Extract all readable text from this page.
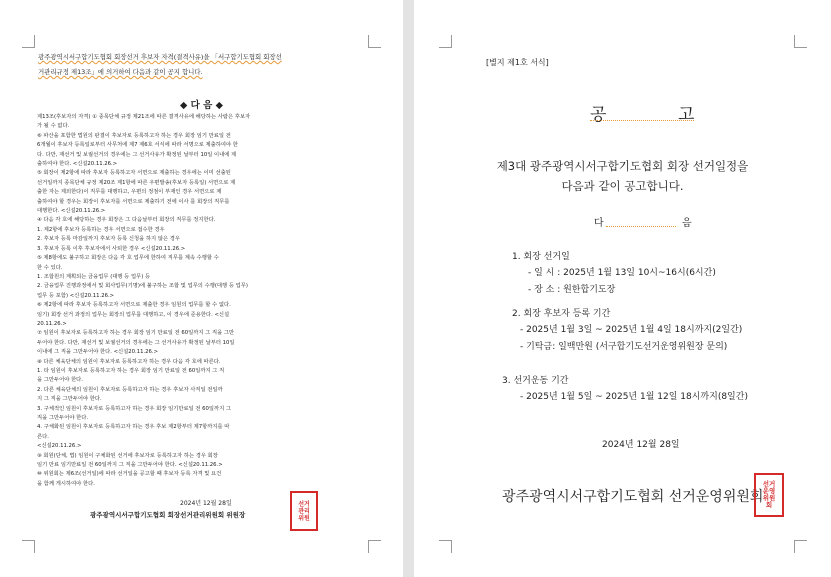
광주광역시서구합기도협회 회장선거 후보자 자격(결격사유)을 「서구합기도협회 회장선
거관리규정 제13조」에 의거하여 다음과 같이 공지 합니다.
◆ 다 음 ◆
제13조(후보자의 자격) ① 종목단체 규정 제21조에 따른 결격사유에 해당하는 사람은 후보자
가 될 수 없다.
⑥ 파산을 포함한 법원의 판결이 후보자로 등록하고자 하는 경우 회장 임기 만료일 전
6개월이 후보자 등록일로부터 사무처에 제7 제6호 서식에 따라 서명으로 제출하여야 한
다. 다만, 재선거 및 보궐선거의 경우에는 그 선거사유가 확정된 날부터 10일 이내에 제
출하여야 한다. <신설20.11.26.>
⑤ 회장이 제2항에 따라 후보자 등록하고자 서면으로 제출하는 경우에는 이미 선출된
선거일까지 종목단체 규정 제20조 제1항에 따른 우편발송(후보자 등록일) 서면으로 제
출한 자는 제외한다)이 직무를 대행하고, 우편의 정점이 부재인 경우 서면으로 제
출하여야 할 경우는 회장이 후보자를 서면으로 제출하기 전에 이사 를 회장의 직무를
대행한다. <신설20.11.26.>
④ 다음 각 호에 해당하는 경우 회장은 그 다음날부터 회장의 직무를 정지한다.
1. 제2항에 후보자 등록하는 경우 서면으로 접수한 경우
2. 후보자 등록 마감일까지 후보자 등록 신청을 하지 않은 경우
3. 후보자 등록 이후 후보자에서 사퇴한 경우 <신설20.11.26.>
⑤ 제8항에도 불구하고 회장은 다음 각 호 업무에 한하여 직무를 계속 수행할 수
한 수 있다.
1. 조합원의 계획되는 금융업무 (대행 등 업무) 등
2. 금융업무 진행과정에서 및 회사업무(기명)에 불구하는 조합 및 업무의 수행(대행 등 업무)
업무 등 포함) <신설20.11.26.>
⑥ 제2항에 따라 후보자 등록하고자 서면으로 제출한 경우 임원의 업무를 할 수 없다.
임기) 회장 선거 과정의 업무는 회장의 업무를 대행하고, 이 경우에 준용한다. <신설
20.11.26.>
⑦ 임원이 후보자로 등록하고자 하는 경우 회장 임기 만료일 전 60일까지 그 직을 그만
두어야 한다. 다만, 재선거 및 보궐선거의 경우에는 그 선거사유가 확정된 날부터 10일
이내에 그 직을 그만두어야 한다. <신설20.11.26.>
⑧ 다른 체육단체의 임원이 후보자로 등록하고자 하는 경우 다음 각 호에 따른다.
1. 타 임원이 후보자로 등록하고자 하는 경우 회장 임기 만료일 전 60일까지 그 직
을 그만두어야 한다.
2. 다른 체육단체의 임원이 후보자로 등록하고자 하는 경우 후보자 사직일 전일까
지 그 직을 그만두어야 한다.
3. 구체적인 임원이 후보자로 등록하고자 하는 경우 회장 임기만료일 전 60일까지 그
직을 그만두어야 한다.
4. 구체화된 임원이 후보자로 등록하고자 하는 경우 후보 제2항부터 제7항까지를 따
른다.
<신설20.11.26.>
⑨ 회원(단체, 법) 임원이 구체화된 선거에 후보자로 등록하고자 하는 경우 회장
임기 만료 임기만료일 전 60일까지 그 직을 그만두어야 한다. <신설20.11.26.>
⑩ 위원회는 제6조(선거일)에 따라 선거일을 공고할 때 후보자 등록 자격 및 요건
을 함께 게시하여야 한다.
2024년 12월 28일
광주광역시서구합기도협회 회장선거관리위원회 위원장
선거
관리
위원
[별지 제1호 서식]
공	고
제3대 광주광역시서구합기도협회 회장 선거일정을
다음과 같이 공고합니다.
다	음
1. 회장 선거일
- 일 시 : 2025년 1월 13일 10시~16시(6시간)
- 장 소 : 원한합기도장
2. 회장 후보자 등록 기간
- 2025년 1월 3일 ~ 2025년 1월 4일 18시까지(2일간)
- 기탁금: 일백만원 (서구합기도선거운영위원장 문의)
3. 선거운동 기간
- 2025년 1월 5일 ~ 2025년 1월 12일 18시까지(8일간)
2024년 12월 28일
광주광역시서구합기도협회 선거운영위원회
선거
운영
위원
회
